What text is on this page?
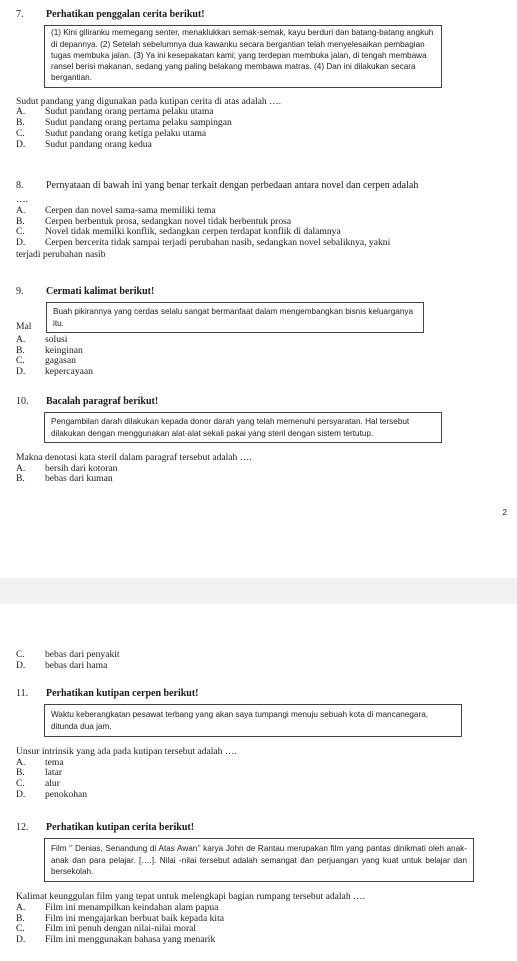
7.	Perhatikan penggalan cerita berikut!
(1) Kini giliranku memegang senter, menaklukkan semak-semak, kayu berduri dan batang-batang angkuh di depannya. (2) Setelah sebelumnya dua kawanku secara bergantian telah menyelesaikan pembagian tugas membuka jalan. (3) Ya ini kesepakatan kami; yang terdepan membuka jalan, di tengah membawa ransel berisi makanan, sedang yang paling belakang membawa matras. (4) Dan ini dilakukan secara bergantian.
Sudut pandang yang digunakan pada kutipan cerita di atas adalah ….
A.	Sudut pandang orang pertama pelaku utama
B.	Sudut pandang orang pertama pelaku sampingan
C.	Sudut pandang orang ketiga pelaku utama
D.	Sudut pandang orang kedua
8.	Pernyataan di bawah ini yang benar terkait dengan perbedaan antara novel dan cerpen adalah
….
A.	Cerpen dan novel sama-sama memiliki tema
B.	Cerpen berbentuk prosa, sedangkan novel tidak berbentuk prosa
C.	Novel tidak memilki konflik, sedangkan cerpen terdapat konflik di dalamnya
D.	Cerpen bercerita tidak sampai terjadi perubahan nasib, sedangkan novel sebaliknya, yakni
terjadi perubahan nasib
9.	Cermati kalimat berikut!
Mal
Buah pikirannya yang cerdas selalu sangat bermanfaat dalam mengembangkan bisnis keluarganya itu.
A.	solusi
B.	keinginan
C.	gagasan
D.	kepercayaan
10.	Bacalah paragraf berikut!
Pengambilan darah dilakukan kepada donor darah yang telah memenuhi persyaratan. Hal tersebut dilakukan dengan menggunakan alat-alat sekali pakai yang steril dengan sistem tertutup.
Makna denotasi kata steril dalam paragraf tersebut adalah ….
A.	bersih dari kotoran
B.	bebas dari kuman
2
C.	bebas dari penyakit
D.	bebas dari hama
11.	Perhatikan kutipan cerpen berikut!
Waktu keberangkatan pesawat terbang yang akan saya tumpangi menuju sebuah kota di mancanegara, ditunda dua jam.
Unsur intrinsik yang ada pada kutipan tersebut adalah ….
A.	tema
B.	latar
C.	alur
D.	penokohan
12.	Perhatikan kutipan cerita berikut!
Film ‘’ Denias, Senandung di Atas Awan’’ karya John de Rantau merupakan film yang pantas dinikmati oleh anak-anak dan para pelajar. [….]. Nilai -nilai tersebut adalah semangat dan perjuangan yang kuat untuk belajar dan bersekolah.
Kalimat keunggulan film yang tepat untuk melengkapi bagian rumpang tersebut adalah ….
A.	Film ini menampilkan keindahan alam papua
B.	Film ini mengajarkan berbuat baik kepada kita
C.	Film ini penuh dengan nilai-nilai moral
D.	Film ini menggunakan bahasa yang menarik
